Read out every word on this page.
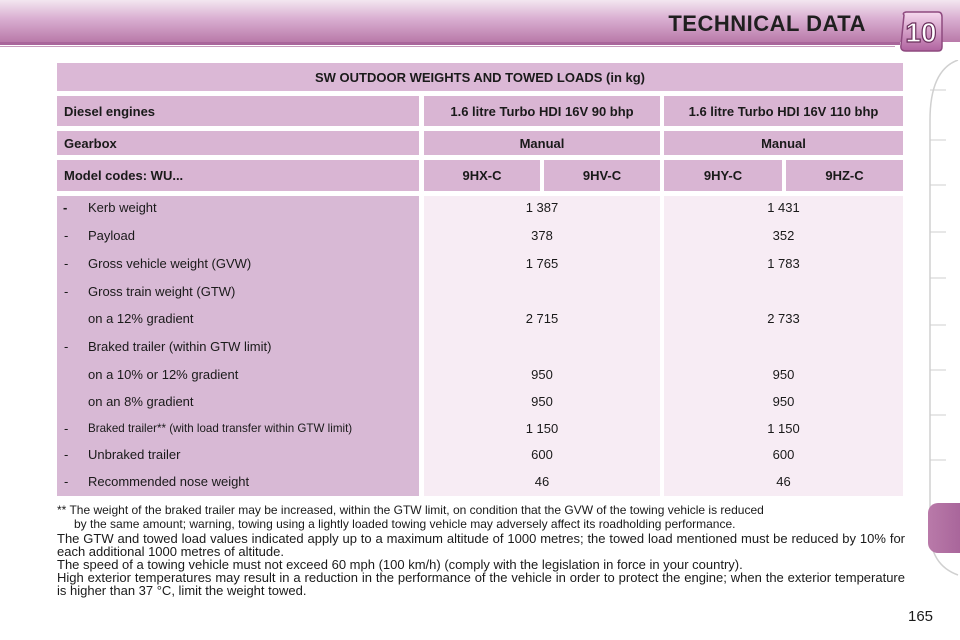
TECHNICAL DATA 10
SW OUTDOOR WEIGHTS AND TOWED LOADS (in kg)
Diesel engines	1.6 litre Turbo HDI 16V 90 bhp	1.6 litre Turbo HDI 16V 110 bhp
Gearbox	Manual	Manual
Model codes: WU...	9HX-C	9HV-C	9HY-C	9HZ-C
- Kerb weight	1 387	1 431
- Payload	378	352
- Gross vehicle weight (GVW)	1 765	1 783
- Gross train weight (GTW)
on a 12% gradient	2 715	2 733
- Braked trailer (within GTW limit)
on a 10% or 12% gradient	950	950
on an 8% gradient	950	950
- Braked trailer** (with load transfer within GTW limit)	1 150	1 150
- Unbraked trailer	600	600
- Recommended nose weight	46	46
** The weight of the braked trailer may be increased, within the GTW limit, on condition that the GVW of the towing vehicle is reduced
by the same amount; warning, towing using a lightly loaded towing vehicle may adversely affect its roadholding performance.
The GTW and towed load values indicated apply up to a maximum altitude of 1000 metres; the towed load mentioned must be reduced by 10% for each additional 1000 metres of altitude.
The speed of a towing vehicle must not exceed 60 mph (100 km/h) (comply with the legislation in force in your country).
High exterior temperatures may result in a reduction in the performance of the vehicle in order to protect the engine; when the exterior temperature is higher than 37 °C, limit the weight towed.
165
